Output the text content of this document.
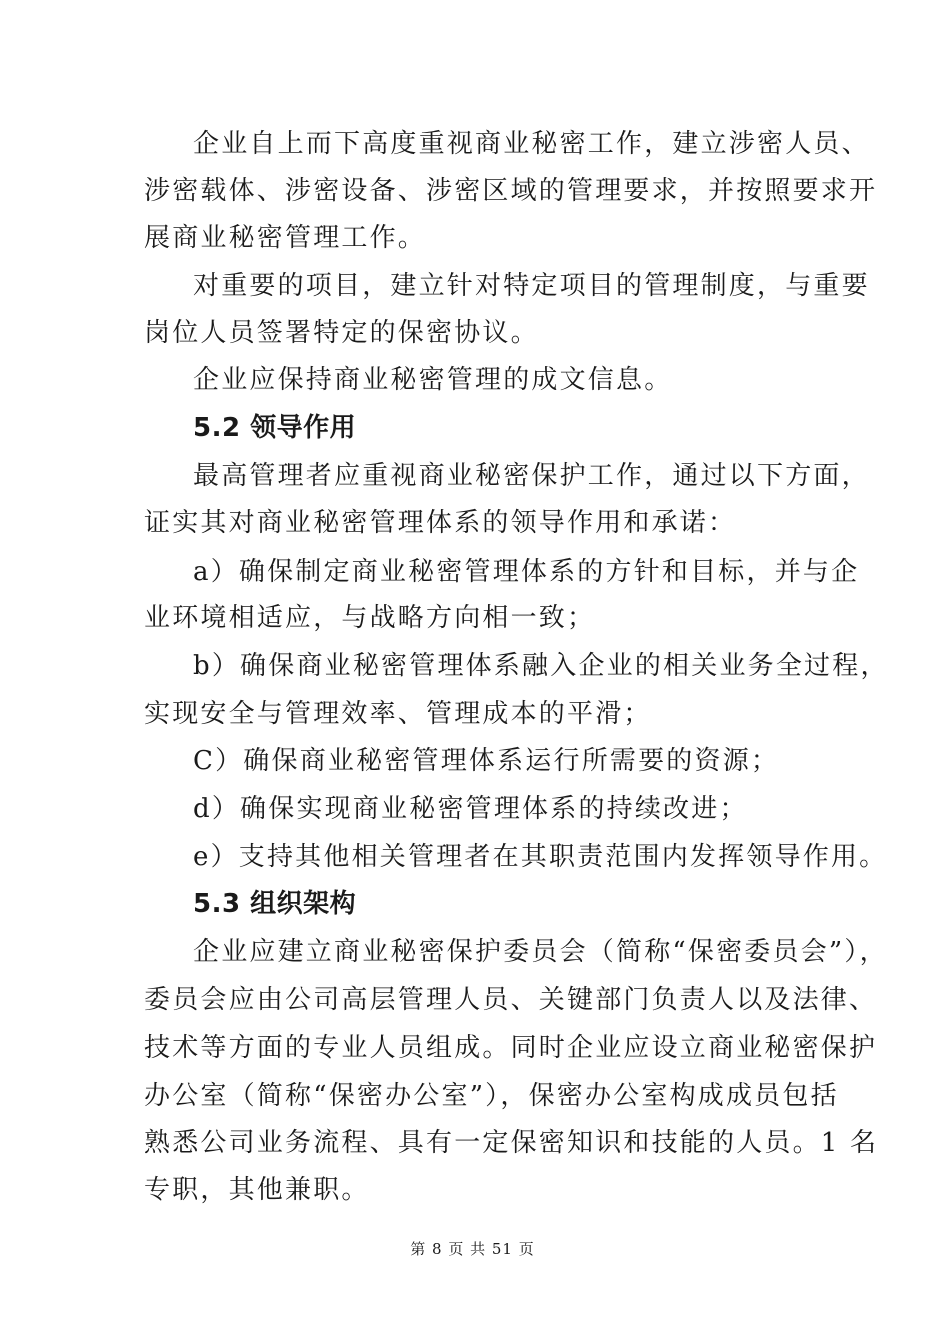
企业自上而下高度重视商业秘密工作，建立涉密人员、
涉密载体、涉密设备、涉密区域的管理要求，并按照要求开
展商业秘密管理工作。
对重要的项目，建立针对特定项目的管理制度，与重要
岗位人员签署特定的保密协议。
企业应保持商业秘密管理的成文信息。
5.2 领导作用
最高管理者应重视商业秘密保护工作，通过以下方面，
证实其对商业秘密管理体系的领导作用和承诺：
a）确保制定商业秘密管理体系的方针和目标，并与企
业环境相适应，与战略方向相一致；
b）确保商业秘密管理体系融入企业的相关业务全过程，
实现安全与管理效率、管理成本的平滑；
C）确保商业秘密管理体系运行所需要的资源；
d）确保实现商业秘密管理体系的持续改进；
e）支持其他相关管理者在其职责范围内发挥领导作用。
5.3 组织架构
企业应建立商业秘密保护委员会（简称“保密委员会”），
委员会应由公司高层管理人员、关键部门负责人以及法律、
技术等方面的专业人员组成。同时企业应设立商业秘密保护
办公室（简称“保密办公室”），保密办公室构成成员包括
熟悉公司业务流程、具有一定保密知识和技能的人员。1 名
专职，其他兼职。
第 8 页 共 51 页
